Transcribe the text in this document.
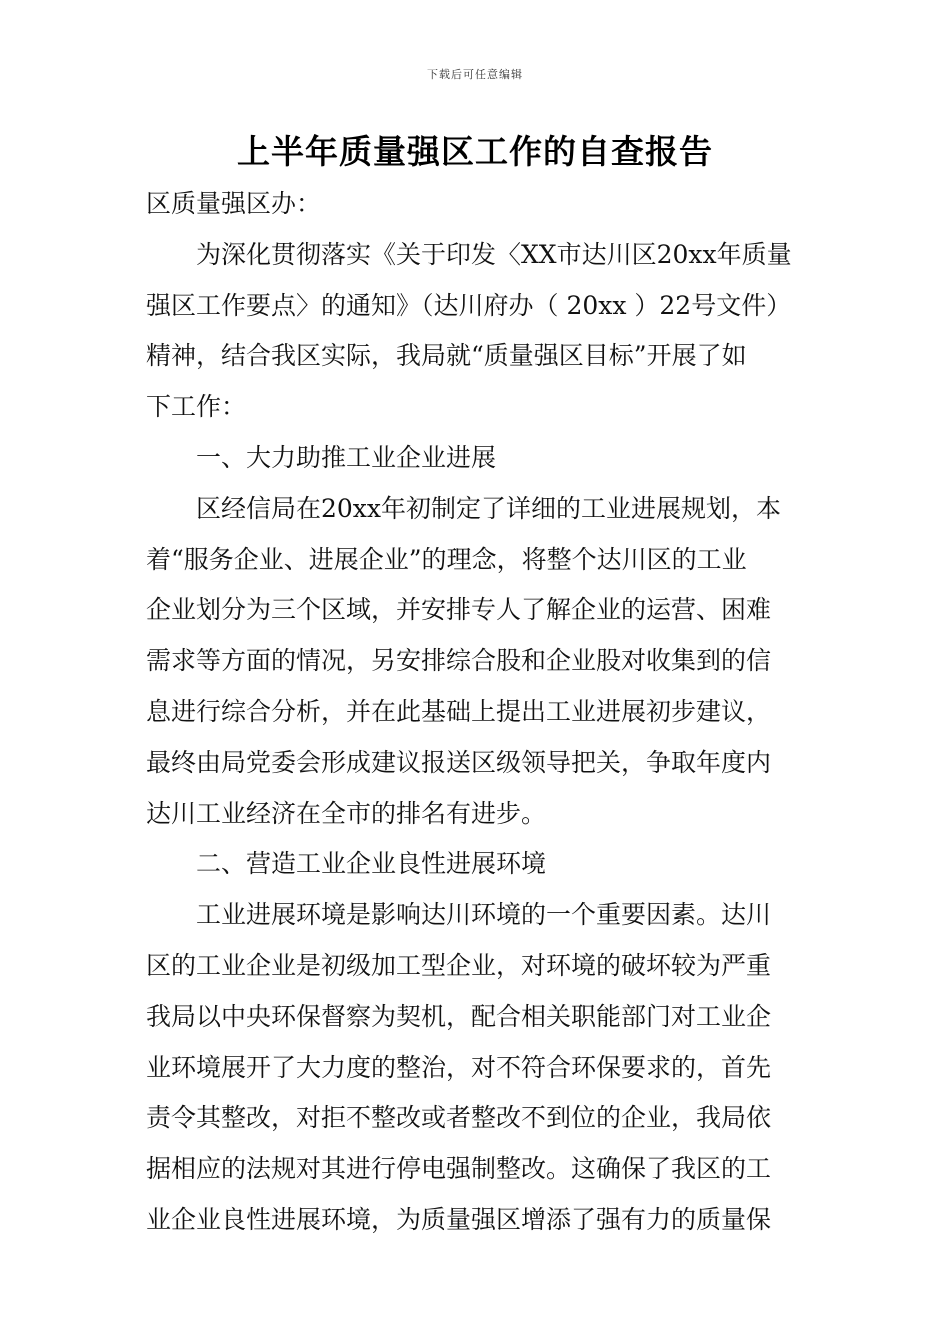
下载后可任意编辑
上半年质量强区工作的自查报告
区质量强区办：
为深化贯彻落实《关于印发〈XX市达川区20xx年质量
强区工作要点〉的通知》（达川府办（ 20xx ）22号文件）
精神，结合我区实际，我局就“质量强区目标”开展了如
下工作：
一、大力助推工业企业进展
区经信局在20xx年初制定了详细的工业进展规划，本
着“服务企业、进展企业”的理念，将整个达川区的工业
企业划分为三个区域，并安排专人了解企业的运营、困难
需求等方面的情况，另安排综合股和企业股对收集到的信
息进行综合分析，并在此基础上提出工业进展初步建议，
最终由局党委会形成建议报送区级领导把关，争取年度内
达川工业经济在全市的排名有进步。
二、营造工业企业良性进展环境
工业进展环境是影响达川环境的一个重要因素。达川
区的工业企业是初级加工型企业，对环境的破坏较为严重
我局以中央环保督察为契机，配合相关职能部门对工业企
业环境展开了大力度的整治，对不符合环保要求的，首先
责令其整改，对拒不整改或者整改不到位的企业，我局依
据相应的法规对其进行停电强制整改。这确保了我区的工
业企业良性进展环境，为质量强区增添了强有力的质量保
